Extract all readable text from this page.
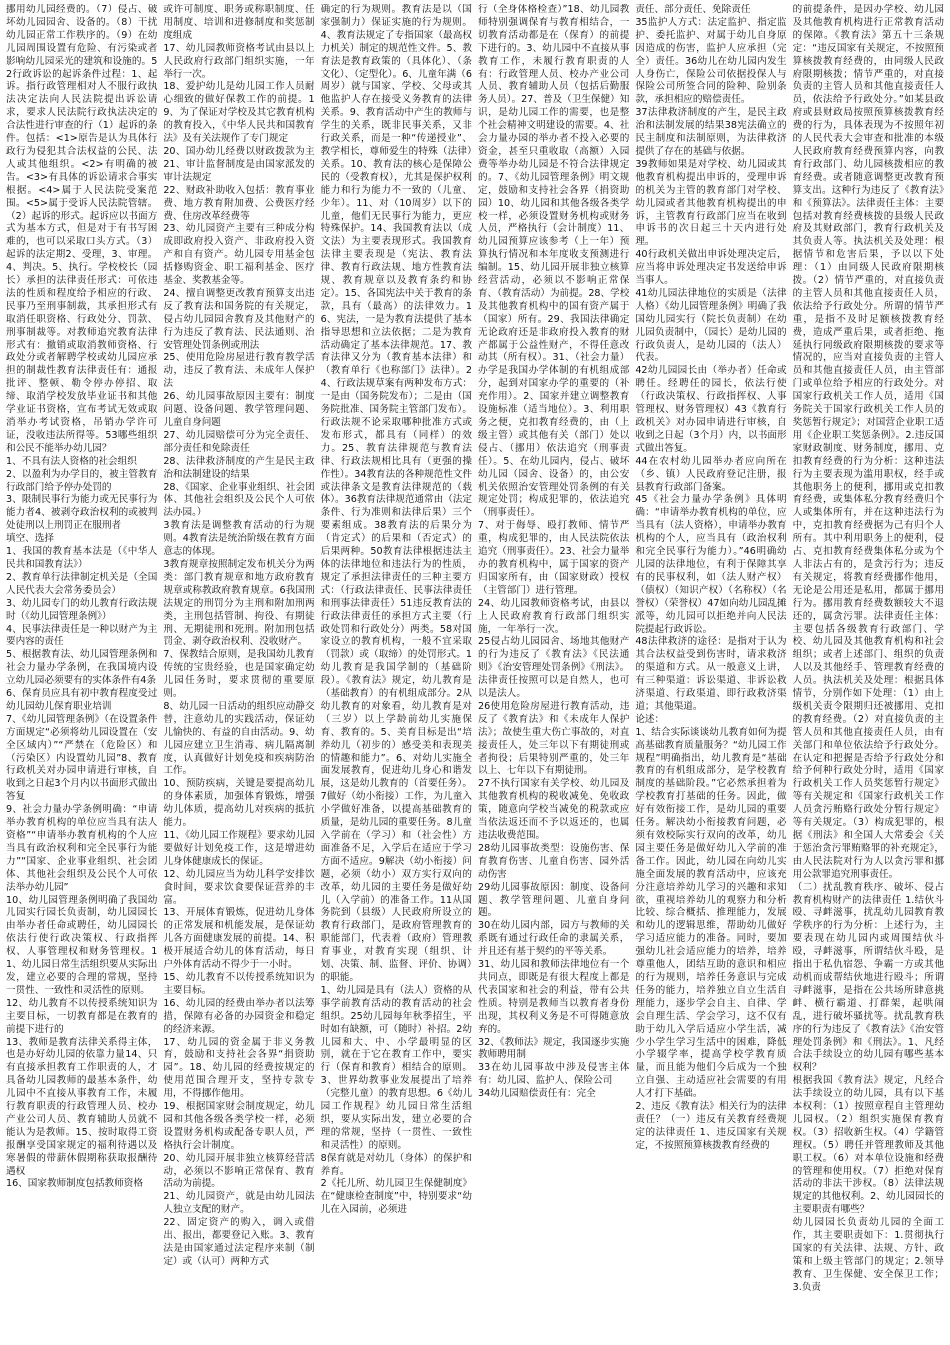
挪用幼儿园经费的。（7）侵占、破坏幼儿园园舍、设备的。（8）干扰幼儿园正常工作秩序的。（9）在幼儿园周围设置有危险、有污染或者影响幼儿园采光的建筑和设施的。52行政诉讼的起诉条件过程：1、起诉。指行政管理相对人不服行政执法决定法向人民法院提出诉讼请求，要求人民法院行政执法决定的合法性进行审查的行（1）起诉的条件。包括：<1>原告是认为具体行政行为侵犯其合法权益的公民、法人或其他组织。<2>有明确的被告。<3>有具体的诉讼请求合事实根据。<4>属于人民法院受案范围。<5>属于受诉人民法院管辖。（2）起诉的形式。起诉应以书面方式为基本方式，但是对于有书写困难的，也可以采取口头方式。（3）起诉的法定期2、受理，3、审理。4、判决。5、执行。学校校长（园长）承担的法律责任形式：可依违法的性质和程度给予相应的行政、民事乃至刑事制裁，其承担形式有取消任职资格、行政处分、罚款、刑事制裁等。对教师追究教育法律形式有：撤销或取消教师资格、行政处分或者解聘学校或幼儿园应承担的制裁性教育法律责任有：通报批评、整顿、勒令停办停招、取缔、取消学校发放毕业证书和其他学业证书资格，宣布考试无效或取消举办考试资格，吊销办学许可证，没收违法所得等。53哪些组织和公民不能举办幼儿园？

1、不具有法人资格的社会组织

2、以盈利为办学目的，被主管教育行政部门给予停办处罚的

3、限制民事行为能力或无民事行为能力者4、被剥夺政治权利的或被判处徒刑以上刑罚正在服刑者

填空、选择

1、我国的教育基本法是（《中华人民共和国教育法》）

2、教育单行法律制定机关是（全国人民代表大会常务委员会）

3、幼儿园专门的幼儿教育行政法规时（《幼儿园管理条例》）

4、民事法律责任是一种以财产为主要内容的责任

5、根据教育法、幼儿园管理条例和社会力量办学条例，在我国境内设立幼儿园必须要有的实体条件有4条

6、保育员应具有初中教育程度受过幼儿园幼儿保育职业培训

7、《幼儿园管理条例》（在设置条件方面规定“必须将幼儿园设置在（安全区域内）”“严禁在（危险区）和（污染区）内设置幼儿园”8、教育行政机关对办园申请进行审核，自收到之日起3个月内以书面形式做出答复

9、社会力量办学条例明确：“申请举办教育机构的单位应当具有法人资格”“申请举办教育机构的个人应当具有政治权利和完全民事行为能力”“国家、企业事业组织、社会团体、其他社会组织及公民个人可依法举办幼儿园”

10、幼儿园管理条例明确了我国幼儿园实行园长负责制，幼儿园园长由举办者任命或聘任，幼儿园园长依法行使行政决策权、行政指挥权、人事管理权和财务管理权。11、幼儿园日常生活组织要从实际出发，建立必要的合理的常规，坚持一贯性、一致性和灵活性的原则。

12、幼儿教育不以传授系统知识为主要目标，一切教育都是在教育的前提下进行的

13、教师是教育法律关系得主体，也是办好幼儿园的依靠力量14、只有直接承担教育工作职责的人，才具备幼儿园教师的最基本条件，幼儿园中不直接从事教育工作，未履行教育职责的行政管理人员、校办产业公司人员、教育辅助人员就不能认为是教师。15、按时取得工资报酬享受国家规定的福利待遇以及寒暑假的带薪休假期称获取报酬待遇权

16、国家教师制度包括教师资格

或许可制度、职务或称职制度、任用制度、培训和进修制度和奖惩制度组成

17、幼儿园教师资格考试由县以上人民政府行政部门组织实施，一年举行一次。

18、爱护幼儿是幼儿园工作人员耐心细致的做好保教工作的前提。19、为了保证对学校及其它教育机构的教育投入，《中华人民共和国教育法》及有关法规作了专门规定

20、国办幼儿经费以财政拨款为主21、审计监督制度是由国家派发的审计法规定

22、财政补助收入包括：教育事业费、地方教育附加费、公费医疗经费、住房改革经费等

23、幼儿园资产主要有三种成分构成即政府投入资产、非政府投入资产和自有资产。幼儿园专用基金包括修购资金、职工福利基金、医疗基金、奖教基金等。

24、擅自调整更改教育预算支出违反了教育法和国务院的有关规定，侵占幼儿园园舍教育及其他财产的行为违反了教育法、民法通则、治安管理处罚条例或刑法

25、使用危险房屋进行教育教学活动，违反了教育法、未成年人保护法

26、幼儿园事故原因主要有：制度问题、设备问题、教学管理问题、儿童自身问题

27、幼儿园赔偿可分为完全责任、部分责任和免除责任

28、法律救济制度的产生是民主政治和法制建设的结果

28、《国家、企业事业组织、社会团体、其他社会组织及公民个人可依法办园。）

3教育法是调整教育活动的行为规则。4教育法是统治阶级在教育方面意志的体现。

3教育规章按照制定发布机关分为两类：部门教育规章和地方政府教育规章或称教政府教育规章。6我国刑法规定的刑罚分为主刑和附加刑两类，主刑包括管制、拘役、有期徒刑、无期徒刑和死刑。附加刑包括罚金、剥夺政治权利、没收财产。

7、保教结合原则，是我国幼儿教育传统的宝贵经验，也是国家确定幼儿园任务时，要求贯彻的重要原则。

8、幼儿园一日活动的组织应动静交替，注意幼儿的实践活动，保证幼儿愉快的、有益的自由活动。9、幼儿园应建立卫生消毒、病儿隔离制度，认真做好计划免疫和疾病防治工作。

10、预防疾病，关键是要提高幼儿的身体素质，加强体育锻炼，增强幼儿体质，提高幼儿对疾病的抵抗能力。

11、《幼儿园工作规程》要求幼儿园要做好计划免疫工作，这是增进幼儿身体健康成长的保证。

12、幼儿园应当为幼儿科学安排饮食时间，要求饮食要保证营养的丰富。

13、开展体育锻炼，促进幼儿身体的正常发展和机能发展，是保证幼儿各方面健康发展的前提。14、积极开展适合幼儿的体育活动，每日户外体育活动不得少于一小时。

15、幼儿教育不以传授系统知识为主要目标。

16、幼儿园的经费由举办者以法筹措，保障有必备的办园资金和稳定的经济来源。

17、幼儿园的资金属于非义务教育，鼓励和支持社会各界“捐资助园”。18、幼儿园的经费按规定的使用范围合理开支，坚持专款专用，不得挪作他用。

19、根据国家财会制度规定，幼儿园和其他各级各类学校一样，必须设置财务机构或配备专职人员，严格执行会计制度。

20、幼儿园开展非独立核算经营活动，必须以不影响正常保育、教育活动为前提。

21、幼儿园资产，就是由幼儿园法人独立支配的财产。

22、固定资产的购入，调入或借出、报出，都要登记入账。3、教育法是由国家通过法定程序来制（制定）或（认可）两种方式

确定的行为规则。教育法是以（国家强制力）保证实施的行为规则。4、教育法规定了专指国家（最高权力机关）制定的规范性文件。5、教育法是教育政策的（具体化）、（条文化）、（定型化）。6、儿童年满（6周岁）就与国家、学校、父母或其他监护人存在接受义务教育的法律关系。9、教育活动中产生的教师与学生的关系，既非民事关系，又非行政关系，而是一种“传递授业”、教学相长，尊师爱生的特殊（法律）关系。10、教育法的核心是保障公民的（受教育权），尤其是保护权利能力和行为能力不一致的（儿童、少年）。11、对（10周岁）以下的儿童，他们无民事行为能力，更应特殊保护。14、我国教育法以（成文法）为主要表现形式。我国教育法律主要表现是（宪法、教育法律、教育行政法规、地方性教育法规、教育规章以及教育条约和协定）。15、各国宪法中关于教育的条款，具有（最高）的法律效力。16、宪法，一是为教育法提供了基本指导思想和立法依据；二是为教育活动确定了基本法律规范。17、教育法律又分为（教育基本法律）和（教育单行《也称部门》法律）。24、行政法规草案有两种发布方式：一是由（国务院发布）；二是由（国务院批准、国务院主管部门发布）。行政法规不论采取哪种批准方式或发布形式，都具有（同样）的效力。25、教育法律规范与教育法律、行政法规相比具有（更强的操作性）。34教育法的各种规范性文件或法律条文是教育法律规范的（载体）。36教育法律规范通常由（法定条件、行为准则和法律后果）三个要素组成。38教育法的后果分为（肯定式）的后果和（否定式）的后果两种。50教育法律根据违法主体的法律地位和违法行为的性质，规定了承担法律责任的三种主要方式：（行政法律责任、民事法律责任和刑事法律责任）51违反教育法的行政法律责任的承担方式主要（行政处罚和行政处分）两类。58对国家设立的教育机构，一般不宜采取（罚款）或（取缔）的处罚形式。1幼儿教育是我国学制的（基础阶段）。《教育法》规定，幼儿教育是（基础教育）的有机组成部分。2从幼儿教育的对象看，幼儿教育是对（三岁）以上学龄前幼儿实施保育、教育的。5、美育目标是出“培养幼儿（初步的）感受美和表现美的情趣和能力”。6、对幼儿实施全面发展教育，促进幼儿身心和谐发展，这是幼儿教育的（首要任务）。7做好（幼小衔接）工作，为儿童入小学做好准备，以提高基础教育的质量，是幼儿园的重要任务。8儿童入学前在（学习）和（社会性）方面准备不足，入学后在适应于学习方面不适应。9解决（幼小衔接）问题，必须（幼小）双方实行双向的改革，幼儿园的主要任务是做好幼儿（入学前）的准备工作。11从国务院到（县级）人民政府所设立的教育行政部门，是政府管理教育的职能部门，代表着（政府）管理教育事业，对教育实现（组织、计划、决策、制、监督、评价、协调）的职能。

1、幼儿园是具有（法人）资格的从事学前教育活动的教育活动的社会组织。25幼儿园每年秋季招生，平时如有缺额，可（随时）补招。2幼儿园和大、中、小学最明显的区别，就在于它在教育工作中，要实行（保育和教育）相结合的原则。3、世界幼教事业发展提出了培养（完整儿童）的教育思想。6《幼儿园工作规程》幼儿园日常生活组织，要从实际出发，建立必要的合理的常规，坚持（一贯性、一致性和灵活性）的原则。

8保育就是对幼儿（身体）的保护和养育。

2《托儿所、幼儿园卫生保健制度》在“健康检查制度”中，特别要求“幼儿在入园前，必须进

行（全身体格检查）”18、幼儿园教师特别强调保育与教育相结合，一切教育活动都是在（保育）的前提下进行的。3、幼儿园中不直接从事教育工作，未履行教育职责的人有：行政管理人员、校办产业公司人员、教育辅助人员（包括后勤服务人员）。27、普及（卫生保健）知识，是幼儿园工作的需要，也是整个社会精神文明建设的需要。4、社会力量办园的举办者不投入必要的资金，甚至只重收取（高额）入园费等举办幼儿园是不符合法律规定的。7、《幼儿园管理条例》明文规定，鼓励和支持社会各界（捐资助园）10、幼儿园和其他各级各类学校一样，必须设置财务机构或财务人员，严格执行（会计制度）11、幼儿园预算应该参考（上一年）预算执行情况和本年度收支预测进行编制。15、幼儿园开展非独立核算经营活动，必须以不影响正常保育、（教育活动）为前提。28、学校及其他教育机构中的国有资产属于（国家）所有。29、我国法律确定无论政府还是非政府投入教育的财产都属于公益性财产，不得任意改动其（所有权）。31、（社会力量）办学是我国办学体制的有机组成部分，起到对国家办学的重要的（补充作用）。2、国家并建立调整教育设施标准（适当地位）。3、利用职务之便，克扣教育经费的，由（上级主管）或其他有关（部门）处以侵占、（挪用）依法追究（刑事责任）。5、在幼儿园内，侵占、破坏幼儿园（园舍、设备）的，由公安机关依照治安管理处罚条例的有关规定处罚；构成犯罪的，依法追究（刑事责任）。

7、对于侮辱、殴打教师、情节严重，构成犯罪的，由人民法院依法追究（刑事责任）。23、社会力量举办的教育机构中，属于国家的资产归国家所有，由（国家财政）授权（主管部门）进行管理。

24、幼儿园教师资格考试，由县以上人民政府教育行政部门组织实施，一年举行一次。

25侵占幼儿园园舍、场地其他财产的行为违反了《教育法》《民法通则》《治安管理处罚条例》《刑法》。法律责任按照可以是自然人，也可以是法人。

26使用危险房屋进行教育活动，违反了《教育法》和《未成年人保护法》；故使生重大伤亡事故的，对直接责任人，处三年以下有期徒刑或者拘役；后果特别严重的，处三年以上、七年以下有期徒刑。

27不执行国家有关学校、幼儿园及其他教育机构的税收减免、免收政策，随意向学校当减免的税款或应当依法返还而不予以返还的，也属违法收费范围。

28幼儿园事故类型：设施伤害、保育教育伤害、儿童自伤害、园外活动伤害

29幼儿园事故原因：制度、设备问题、教学管理问题、儿童自身问题。

30在幼儿园内部，园方与教师的关系既有通过行政任命的隶属关系，并且还有基于契约的平等关系。

31、幼儿园和教师法律地位有一个共同点，即既是有很大程度上都是代表国家和社会的利益，带有公共性质。特别是教师当以教育者身份出现，其权利义务是不可得随意放弃的。

32、《教师法》规定，我国逐步实施教师聘用制

33在幼儿园事故中涉及侵害主体有：幼儿园、监护人、保险公司

34幼儿园赔偿责任有：完全

责任、部分责任、免除责任

35监护人方式：法定监护、指定监护、委托监护、对属于幼儿自身原因造成的伤害，监护人应承担（完全）责任。36幼儿在幼儿园内发生人身伤亡，保险公司依据投保人与保险公司所签合同的险种、险别条款，承担相应的赔偿责任。

37法律救济制度的产生，是民主政治和法制发展的结果38宪法确立的民主制度和法制原则，为法律救济提供了存在的基础与依据。

39教师如果是对学校、幼儿园或其他教育机构提出申诉的，受理申诉的机关为主管的教育部门对学校、幼儿园或者其他教育机构提出的申诉，主管教育行政部门应当在收到申诉书的次日起三十天内进行处理。

40行政机关做出申诉处理决定后，应当将申诉处理决定书发送给申诉当事人。

41幼儿园法律地位的实质是（法律人格）《幼儿园管理条例》明确了我国幼儿园实行（院长负责制）在幼儿园负责制中，（园长）是幼儿园的行政负责人，是幼儿园的（法人）代表。

42幼儿园园长由（举办者）任命或聘任。经聘任的园长，依法行使（行政决策权、行政指挥权、人事管理权、财务管理权）43《教育行政机关》对办园申请进行审核，自收到之日起（3个月）内，以书面形式做出答复。

44在农村幼儿园举办者应向所在（乡、镇）人民政府登记注册，报县教育行政部门备案。

45《社会力量办学条例》具体明确：“申请举办教育机构的单位，应当具有（法人资格），申请举办教育机构的个人，应当具有（政治权利和完全民事行为能力）。”46明确幼儿园的法律地位，有利于保障其享有的民事权利，如（法人财产权）（债权）（知识产权）（名称权）（名誉权）（荣誉权）47如向幼儿园乱摊派等，幼儿园可以拒绝并向人民法院提起行政诉讼。

48法律救济的途径：是指对于认为其合法权益受到伤害时，请求救济的渠道和方式。从一般意义上讲，有三种渠道：诉讼渠道、非诉讼救济渠道、行政渠道、即行政救济渠道；其他渠道。

论述：

1、结合实际谈谈幼儿教育如何为提高基础教育质量服务？“幼儿园工作规程”明确指出，幼儿教育是“基础教育的有机组成部分，是学校教育制度的基础阶段。”它必然承担着为学校教育打基础的任务。因此，做好有效衔接工作，是幼儿园的重要任务。解决幼小衔接教育问题，必须有效校际实行双向的改革，幼儿园主要任务是做好幼儿入学前的准备工作。因此，幼儿园在向幼儿实施全面发展的教育活动中，应该充分注意培养幼儿学习的兴趣和求知欲，重视培养幼儿的观察力和分析比较、综合概括、推理能力，发展和幼儿的逻辑思维，帮助幼儿做好学习适应能力的准备。同时，要加强幼儿社会适应能力的培养，培养尊重他人，团结互助的意识和相应的行为规则，培养任务意识与完成任务的能力，培养独立自立生活自理能力，逐步学会自主、自律、学会自理生活、学会学习，这不仅有助于幼儿入学后适应小学生活，减少小学生学习生活中的困难，降低小学辍学率，提高学校学教育质量，而且能为他们今后成为一个独立自强、主动适应社会需要的有用人才打下基础。

2、违反《教育法》相关行为的法律责任？（一）违反有关教育经费规定的法律责任 1、违反国家有关规定，不按照预算核拨教育经费的

的前提条件，是因办学校、幼儿园及其他教育机构进行正常教育活动的保障。《教育法》第五十三条规定：“违反国家有关规定，不按照预算核拨教育经费的，由同级人民政府限期核拨；情节严重的，对直接负责的主管人员和其他直接责任人员，依法给予行政处分。”如某县政府或县财政局按照预算核拨教育经费的行为，具体表现为不按照年初的人民代表大会审查和批准的本级人民政府教育经费预算内容，向教育行政部门、幼儿园核拨相应的教育经费。或者随意调整更改教育预算支出。这种行为违反了《教育法》和《预算法》。法律责任主体：主要包括对教育经费核拨的县级人民政府及其财政部门，教育行政机关及其负责人等。执法机关及处理：根据情节和危害后果，予以以下处理：（1）由同级人民政府限期核拨。（2）情节严重的，对直接负责的主管人员和其他直接责任人员，依法给予行政处分。所谓的情节严重，是指不及时足额核拨教育经费，造成严重后果，或者拒绝、拖延执行同级政府限期核拨的要求等情况的，应当对直接负责的主管人员和其他直接责任人员，由主管部门或单位给予相应的行政处分。对国家行政机关工作人员，适用《国务院关于国家行政机关工作人员的奖惩暂行规定》；对国营企业职工适用《企业职工奖惩条例》。2.违反国家财政制度、财务制度，挪用、克扣教育经费的行为分析：这种违法行为主要表现为滥用职权，经手或其他职务上的便利，挪用或克扣教育经费，或集体私分教育经费归个人或集体所有，并在这种违法行为中，克扣教育经费据为己有归个人所有。其中利用职务上的便利，侵占、克扣教育经费集体私分或为个人非法占有的，是贪污行为；违反有关规定，将教育经费挪作他用，无论是公用还是私用，都属于挪用行为。挪用教育经费数额较大不退还的，属贪污罪。法律责任主体：主要包括各级教育行政部门、学校、幼儿园及其他教育机构和社会组织；或者上述部门、组织的负责人以及其他经手、管理教育经费的人员。执法机关及处理：根据具体情节，分别作如下处理：（1）由上级机关责令限期归还被挪用、克扣的教育经费。（2）对直接负责的主管人员和其他直接责任人员，由有关部门和单位依法给予行政处分。在认定和把握是否给予行政处分和给予何种行政处分时，适用《国家行政机关工作人员奖惩暂行规定》等有关规定和《国家行政机关工作人员贪污贿赂行政处分暂行规定》等有关规定。（3）构成犯罪的，根据《刑法》和全国人大常委会《关于惩治贪污罪贿赂罪的补充规定》，由人民法院对行为人以贪污罪和挪用公款罪追究刑事责任。

（二）扰乱教育秩序、破坏、侵占教育机构财产的法律责任 1.结伙斗殴、寻衅滋事，扰乱幼儿园教育教学秩序的行为分析：上述行为，主要表现在幼儿园内或周围结伙斗殴，寻衅滋事，所谓结伙斗殴，是指出于私仇宿怨、争霸一方或其他动机而成帮结伙地进行殴斗；所谓寻衅滋事，是指在公共场所肆意挑衅、横行霸道、打群架，起哄闹乱，进行破坏骚扰等。扰乱教育秩序的行为违反了《教育法》《治安管理处罚条例》和《刑法》。1、凡经合法手续设立的幼儿园有哪些基本权利？

根据我国《教育法》规定，凡经合法手续设立的幼儿园，具有以下基本权利：（1）按照章程自主管理幼儿园权。（2）组织实施保育教育权。（3）招收新生权。（4）学籍管理权。（5）聘任并管理教师及其他职工权。（6）对本单位设施和经费的管理和使用权。（7）拒绝对保育活动的非法干涉权。（8）法律法规规定的其他权利。2、幼儿园园长的主要职责有哪些？

幼儿园园长负责幼儿园的全面工作，其主要职责如下：1.贯彻执行国家的有关法律、法规、方针、政策和上级主管部门的规定；2.领导教育、卫生保健、安全保卫工作；3.负责
